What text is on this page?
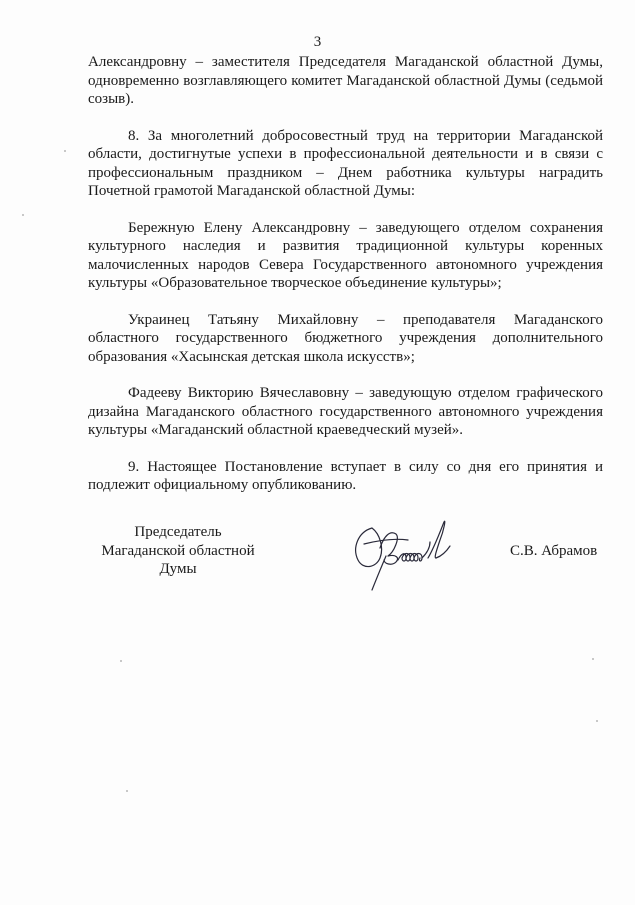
3

Александровну – заместителя Председателя Магаданской областной Думы, одновременно возглавляющего комитет Магаданской областной Думы (седьмой созыв).

8. За многолетний добросовестный труд на территории Магаданской области, достигнутые успехи в профессиональной деятельности и в связи с профессиональным праздником – Днем работника культуры наградить Почетной грамотой Магаданской областной Думы:

Бережную Елену Александровну – заведующего отделом сохранения культурного наследия и развития традиционной культуры коренных малочисленных народов Севера Государственного автономного учреждения культуры «Образовательное творческое объединение культуры»;

Украинец Татьяну Михайловну – преподавателя Магаданского областного государственного бюджетного учреждения дополнительного образования «Хасынская детская школа искусств»;

Фадееву Викторию Вячеславовну – заведующую отделом графического дизайна Магаданского областного государственного автономного учреждения культуры «Магаданский областной краеведческий музей».

9. Настоящее Постановление вступает в силу со дня его принятия и подлежит официальному опубликованию.

Председатель
Магаданской областной Думы
С.В. Абрамов
